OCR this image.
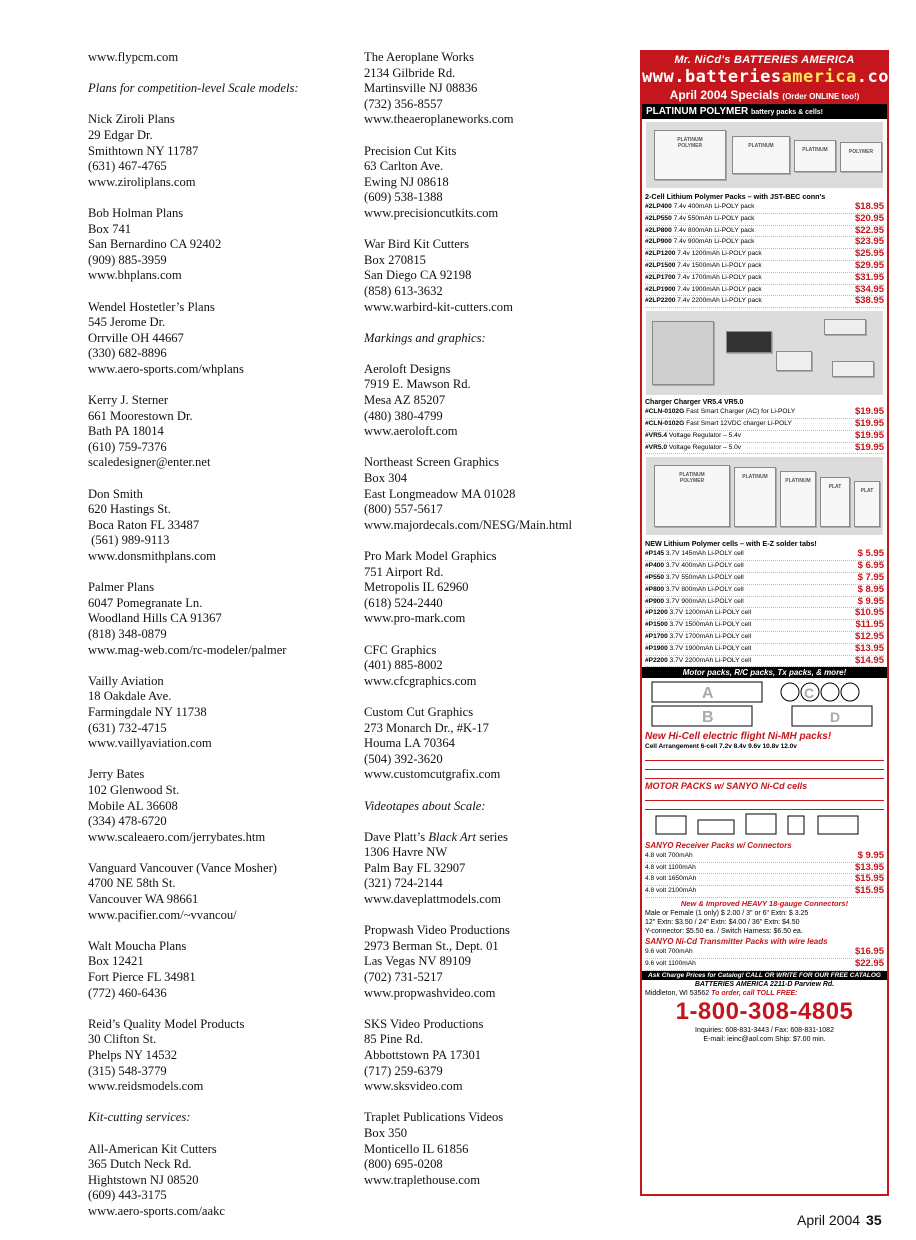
www.flypcm.com
Plans for competition-level Scale models:
Nick Ziroli Plans
29 Edgar Dr.
Smithtown NY 11787
(631) 467-4765
www.ziroliplans.com
Bob Holman Plans
Box 741
San Bernardino CA 92402
(909) 885-3959
www.bhplans.com
Wendel Hostetler’s Plans
545 Jerome Dr.
Orrville OH 44667
(330) 682-8896
www.aero-sports.com/whplans
Kerry J. Sterner
661 Moorestown Dr.
Bath PA 18014
(610) 759-7376
scaledesigner@enter.net
Don Smith
620 Hastings St.
Boca Raton FL 33487
(561) 989-9113
www.donsmithplans.com
Palmer Plans
6047 Pomegranate Ln.
Woodland Hills CA 91367
(818) 348-0879
www.mag-web.com/rc-modeler/palmer
Vailly Aviation
18 Oakdale Ave.
Farmingdale NY 11738
(631) 732-4715
www.vaillyaviation.com
Jerry Bates
102 Glenwood St.
Mobile AL 36608
(334) 478-6720
www.scaleaero.com/jerrybates.htm
Vanguard Vancouver (Vance Mosher)
4700 NE 58th St.
Vancouver WA 98661
www.pacifier.com/~vvancou/
Walt Moucha Plans
Box 12421
Fort Pierce FL 34981
(772) 460-6436
Reid’s Quality Model Products
30 Clifton St.
Phelps NY 14532
(315) 548-3779
www.reidsmodels.com
Kit-cutting services:
All-American Kit Cutters
365 Dutch Neck Rd.
Hightstown NJ 08520
(609) 443-3175
www.aero-sports.com/aakc
The Aeroplane Works
2134 Gilbride Rd.
Martinsville NJ 08836
(732) 356-8557
www.theaeroplaneworks.com
Precision Cut Kits
63 Carlton Ave.
Ewing NJ 08618
(609) 538-1388
www.precisioncutkits.com
War Bird Kit Cutters
Box 270815
San Diego CA 92198
(858) 613-3632
www.warbird-kit-cutters.com
Markings and graphics:
Aeroloft Designs
7919 E. Mawson Rd.
Mesa AZ 85207
(480) 380-4799
www.aeroloft.com
Northeast Screen Graphics
Box 304
East Longmeadow MA 01028
(800) 557-5617
www.majordecals.com/NESG/Main.html
Pro Mark Model Graphics
751 Airport Rd.
Metropolis IL 62960
(618) 524-2440
www.pro-mark.com
CFC Graphics
(401) 885-8002
www.cfcgraphics.com
Custom Cut Graphics
273 Monarch Dr., #K-17
Houma LA 70364
(504) 392-3620
www.customcutgrafix.com
Videotapes about Scale:
Dave Platt’s Black Art series
1306 Havre NW
Palm Bay FL 32907
(321) 724-2144
www.daveplattmodels.com
Propwash Video Productions
2973 Berman St., Dept. 01
Las Vegas NV 89109
(702) 731-5217
www.propwashvideo.com
SKS Video Productions
85 Pine Rd.
Abbottstown PA 17301
(717) 259-6379
www.sksvideo.com
Traplet Publications Videos
Box 350
Monticello IL 61856
(800) 695-0208
www.traplethouse.com
Mr. NiCd's BATTERIES AMERICA
www.batteriesamerica.com
April 2004 Specials (Order ONLINE too!)
PLATINUM POLYMER battery packs & cells!
PLATINUM
POLYMER	PLATINUM
PLATINUM	POLYMER
2-Cell Lithium Polymer Packs – with JST-BEC conn's
#2LP400 7.4v 400mAh Li-POLY pack	$18.95
#2LP550 7.4v 550mAh Li-POLY pack	$20.95
#2LP800 7.4v 800mAh Li-POLY pack	$22.95
#2LP900 7.4v 900mAh Li-POLY pack	$23.95
#2LP1200 7.4v 1200mAh Li-POLY pack	$25.95
#2LP1500 7.4v 1500mAh Li-POLY pack	$29.95
#2LP1700 7.4v 1700mAh Li-POLY pack	$31.95
#2LP1900 7.4v 1900mAh Li-POLY pack	$34.95
#2LP2200 7.4v 2200mAh Li-POLY pack	$38.95
Charger Charger VR5.4 VR5.0
#CLN-0102G Fast Smart Charger (AC) for Li-POLY	$19.95
#CLN-0102G Fast Smart 12VDC charger Li-POLY	$19.95
#VR5.4 Voltage Regulator – 5.4v	$19.95
#VR5.0 Voltage Regulator – 5.0v	$19.95
PLATINUM
POLYMER
PLATINUM
PLATINUM
PLAT
PLAT
NEW Lithium Polymer cells – with E-Z solder tabs!
#P145 3.7V 145mAh Li-POLY cell	$ 5.95
#P400 3.7V 400mAh Li-POLY cell	$ 6.95
#P550 3.7V 550mAh Li-POLY cell	$ 7.95
#P800 3.7V 800mAh Li-POLY cell	$ 8.95
#P900 3.7V 900mAh Li-POLY cell	$ 9.95
#P1200 3.7V 1200mAh Li-POLY cell	$10.95
#P1500 3.7V 1500mAh Li-POLY cell	$11.95
#P1700 3.7V 1700mAh Li-POLY cell	$12.95
#P1900 3.7V 1900mAh Li-POLY cell	$13.95
#P2200 3.7V 2200mAh Li-POLY cell	$14.95
Motor packs, R/C packs, Tx packs, & more!
A	C
B	D
New Hi-Cell electric flight Ni-MH packs!
Cell Arrangement 6-cell 7.2v 8.4v 9.6v 10.8v 12.0v
MOTOR PACKS w/ SANYO Ni-Cd cells
SANYO Receiver Packs w/ Connectors
4.8 volt 700mAh	$ 9.95
4.8 volt 1100mAh	$13.95
4.8 volt 1650mAh	$15.95
4.8 volt 2100mAh	$15.95
New & Improved HEAVY 18-gauge Connectors!
Male or Female (1 only) $ 2.00 / 3" or 6" Extn: $ 3.25
12" Extn: $3.50 / 24" Extn: $4.00 / 36" Extn: $4.50
Y-connector: $5.50 ea. / Switch Harness: $6.50 ea.
SANYO Ni-Cd Transmitter Packs with wire leads
9.6 volt 700mAh	$16.95
9.6 volt 1100mAh	$22.95
Ask Charge Prices for Catalog! CALL OR WRITE FOR OUR FREE CATALOG
BATTERIES AMERICA 2211-D Parview Rd.
Middleton, WI 53562 To order, call TOLL FREE:
1-800-308-4805
Inquiries: 608-831-3443 / Fax: 608-831-1082
E-mail: ieinc@aol.com Ship: $7.00 min.
April 2004 35
